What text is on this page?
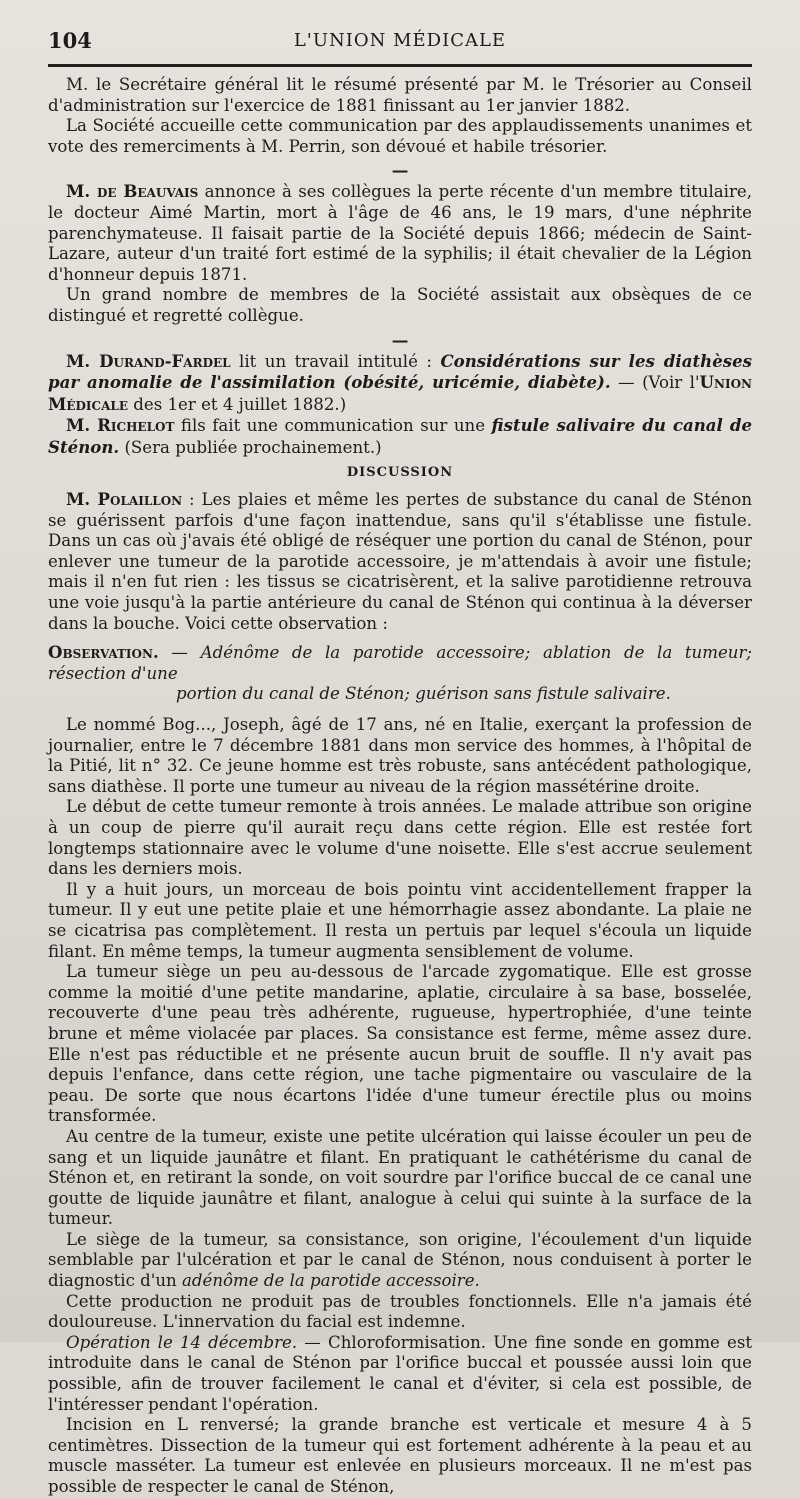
104	L'UNION MÉDICALE

M. le Secrétaire général lit le résumé présenté par M. le Trésorier au Conseil d'administration sur l'exercice de 1881 finissant au 1er janvier 1882.

La Société accueille cette communication par des applaudissements unanimes et vote des remerciments à M. Perrin, son dévoué et habile trésorier.

—

M. de Beauvais annonce à ses collègues la perte récente d'un membre titulaire, le docteur Aimé Martin, mort à l'âge de 46 ans, le 19 mars, d'une néphrite parenchymateuse. Il faisait partie de la Société depuis 1866; médecin de Saint-Lazare, auteur d'un traité fort estimé de la syphilis; il était chevalier de la Légion d'honneur depuis 1871.

Un grand nombre de membres de la Société assistait aux obsèques de ce distingué et regretté collègue.

—

M. Durand-Fardel lit un travail intitulé : Considérations sur les diathèses par anomalie de l'assimilation (obésité, uricémie, diabète). — (Voir l'Union Médicale des 1er et 4 juillet 1882.)

M. Richelot fils fait une communication sur une fistule salivaire du canal de Sténon. (Sera publiée prochainement.)

DISCUSSION

M. Polaillon : Les plaies et même les pertes de substance du canal de Sténon se guérissent parfois d'une façon inattendue, sans qu'il s'établisse une fistule. Dans un cas où j'avais été obligé de réséquer une portion du canal de Sténon, pour enlever une tumeur de la parotide accessoire, je m'attendais à avoir une fistule; mais il n'en fut rien : les tissus se cicatrisèrent, et la salive parotidienne retrouva une voie jusqu'à la partie antérieure du canal de Sténon qui continua à la déverser dans la bouche. Voici cette observation :

Observation. — Adénôme de la parotide accessoire; ablation de la tumeur; résection d'une

portion du canal de Sténon; guérison sans fistule salivaire.

Le nommé Bog..., Joseph, âgé de 17 ans, né en Italie, exerçant la profession de journalier, entre le 7 décembre 1881 dans mon service des hommes, à l'hôpital de la Pitié, lit n° 32. Ce jeune homme est très robuste, sans antécédent pathologique, sans diathèse. Il porte une tumeur au niveau de la région massétérine droite.

Le début de cette tumeur remonte à trois années. Le malade attribue son origine à un coup de pierre qu'il aurait reçu dans cette région. Elle est restée fort longtemps stationnaire avec le volume d'une noisette. Elle s'est accrue seulement dans les derniers mois.

Il y a huit jours, un morceau de bois pointu vint accidentellement frapper la tumeur. Il y eut une petite plaie et une hémorrhagie assez abondante. La plaie ne se cicatrisa pas complètement. Il resta un pertuis par lequel s'écoula un liquide filant. En même temps, la tumeur augmenta sensiblement de volume.

La tumeur siège un peu au-dessous de l'arcade zygomatique. Elle est grosse comme la moitié d'une petite mandarine, aplatie, circulaire à sa base, bosselée, recouverte d'une peau très adhérente, rugueuse, hypertrophiée, d'une teinte brune et même violacée par places. Sa consistance est ferme, même assez dure. Elle n'est pas réductible et ne présente aucun bruit de souffle. Il n'y avait pas depuis l'enfance, dans cette région, une tache pigmentaire ou vasculaire de la peau. De sorte que nous écartons l'idée d'une tumeur érectile plus ou moins transformée.

Au centre de la tumeur, existe une petite ulcération qui laisse écouler un peu de sang et un liquide jaunâtre et filant. En pratiquant le cathétérisme du canal de Sténon et, en retirant la sonde, on voit sourdre par l'orifice buccal de ce canal une goutte de liquide jaunâtre et filant, analogue à celui qui suinte à la surface de la tumeur.

Le siège de la tumeur, sa consistance, son origine, l'écoulement d'un liquide semblable par l'ulcération et par le canal de Sténon, nous conduisent à porter le diagnostic d'un adénôme de la parotide accessoire.

Cette production ne produit pas de troubles fonctionnels. Elle n'a jamais été douloureuse. L'innervation du facial est indemne.

Opération le 14 décembre. — Chloroformisation. Une fine sonde en gomme est introduite dans le canal de Sténon par l'orifice buccal et poussée aussi loin que possible, afin de trouver facilement le canal et d'éviter, si cela est possible, de l'intéresser pendant l'opération.

Incision en L renversé; la grande branche est verticale et mesure 4 à 5 centimètres. Dissection de la tumeur qui est fortement adhérente à la peau et au muscle masséter. La tumeur est enlevée en plusieurs morceaux. Il ne m'est pas possible de respecter le canal de Sténon,
